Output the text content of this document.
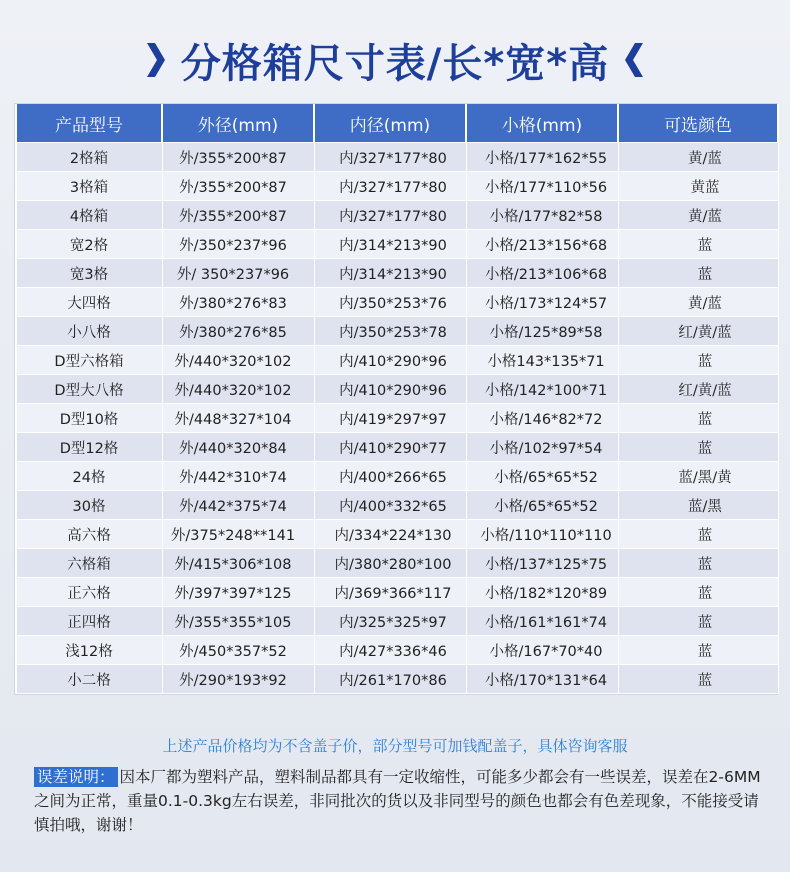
分格箱尺寸表/长*宽*高
产品型号	外径(mm)	内径(mm)	小格(mm)	可选颜色
2格箱	外/355*200*87	内/327*177*80	小格/177*162*55	黄/蓝
3格箱	外/355*200*87	内/327*177*80	小格/177*110*56	黄蓝
4格箱	外/355*200*87	内/327*177*80	小格/177*82*58	黄/蓝
宽2格	外/350*237*96	内/314*213*90	小格/213*156*68	蓝
宽3格	外/ 350*237*96	内/314*213*90	小格/213*106*68	蓝
大四格	外/380*276*83	内/350*253*76	小格/173*124*57	黄/蓝
小八格	外/380*276*85	内/350*253*78	小格/125*89*58	红/黄/蓝
D型六格箱	外/440*320*102	内/410*290*96	小格143*135*71	蓝
D型大八格	外/440*320*102	内/410*290*96	小格/142*100*71	红/黄/蓝
D型10格	外/448*327*104	内/419*297*97	小格/146*82*72	蓝
D型12格	外/440*320*84	内/410*290*77	小格/102*97*54	蓝
24格	外/442*310*74	内/400*266*65	小格/65*65*52	蓝/黑/黄
30格	外/442*375*74	内/400*332*65	小格/65*65*52	蓝/黑
高六格	外/375*248**141	内/334*224*130	小格/110*110*110	蓝
六格箱	外/415*306*108	内/380*280*100	小格/137*125*75	蓝
正六格	外/397*397*125	内/369*366*117	小格/182*120*89	蓝
正四格	外/355*355*105	内/325*325*97	小格/161*161*74	蓝
浅12格	外/450*357*52	内/427*336*46	小格/167*70*40	蓝
小二格	外/290*193*92	内/261*170*86	小格/170*131*64	蓝
上述产品价格均为不含盖子价，部分型号可加钱配盖子，具体咨询客服
误差说明： 因本厂都为塑料产品，塑料制品都具有一定收缩性，可能多少都会有一些误差，误差在2-6MM之间为正常，重量0.1-0.3kg左右误差，非同批次的货以及非同型号的颜色也都会有色差现象，不能接受请慎拍哦，谢谢！
